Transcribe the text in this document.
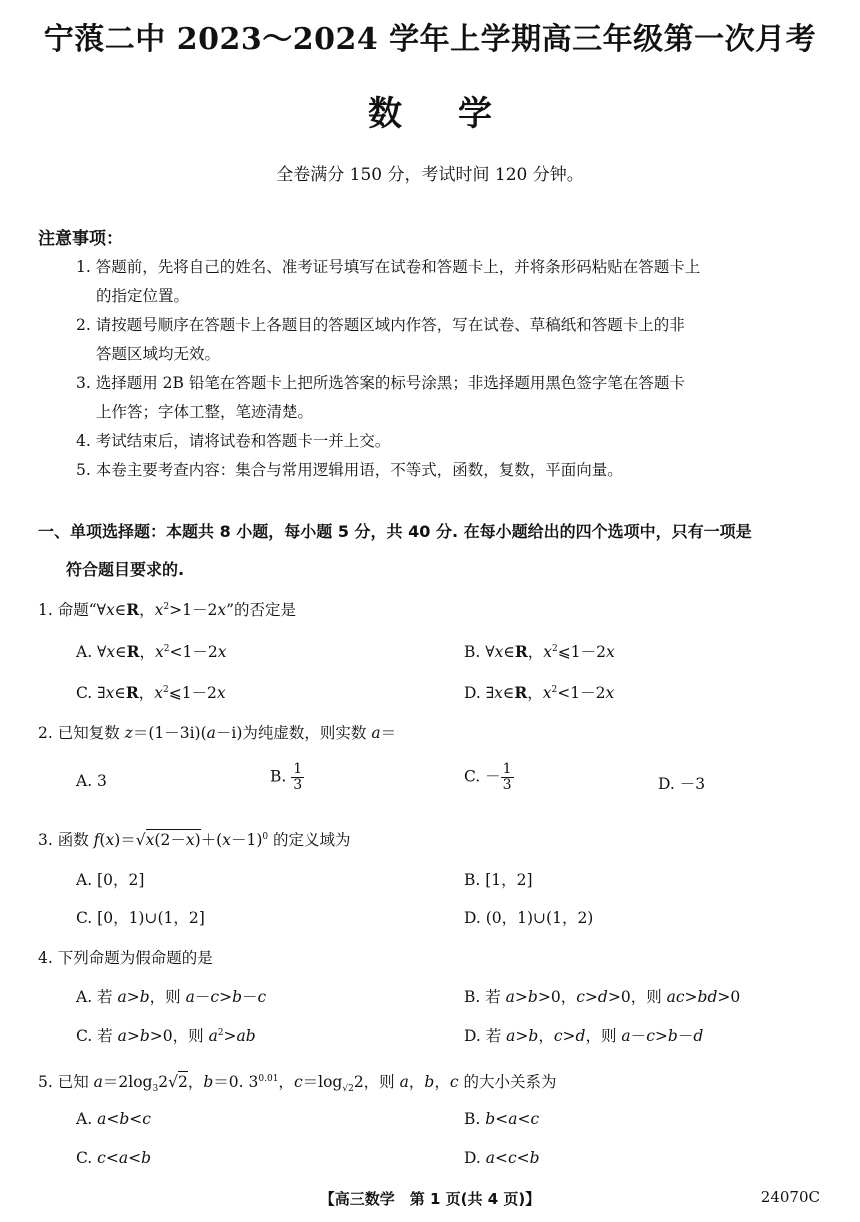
宁蒗二中 2023～2024 学年上学期高三年级第一次月考
数学
全卷满分 150 分，考试时间 120 分钟。
注意事项：
1. 答题前，先将自己的姓名、准考证号填写在试卷和答题卡上，并将条形码粘贴在答题卡上
的指定位置。
2. 请按题号顺序在答题卡上各题目的答题区域内作答，写在试卷、草稿纸和答题卡上的非
答题区域均无效。
3. 选择题用 2B 铅笔在答题卡上把所选答案的标号涂黑；非选择题用黑色签字笔在答题卡
上作答；字体工整，笔迹清楚。
4. 考试结束后，请将试卷和答题卡一并上交。
5. 本卷主要考查内容：集合与常用逻辑用语，不等式，函数，复数，平面向量。
一、单项选择题：本题共 8 小题，每小题 5 分，共 40 分. 在每小题给出的四个选项中，只有一项是
符合题目要求的.
1. 命题“∀x∈R，$x^2>1-2x$”的否定是
A. ∀x∈R，$x^2<1-2x$	B. ∀x∈R，$x^2⩽1-2x$
C. ∃x∈R，$x^2⩽1-2x$	D. ∃x∈R，$x^2<1-2x$
2. 已知复数 z＝(1－3i)(a－i)为纯虚数，则实数 a＝
A. 3	B. $\frac{1}{3}$	C. － $\frac{1}{3}$	D. －3
3. 函数 $f(x)=√x(2-x)+(x-1)^0$ 的定义域为
A. [0，2]	B. [1，2]
C. [0，1)∪(1，2]	D. (0，1)∪(1，2)
4. 下列命题为假命题的是
A. 若 a>b，则 a－c>b－c	B. 若 a>b>0，c>d>0，则 ac>bd>0
C. 若 a>b>0，则 $a^2>ab$	D. 若 a>b，c>d，则 a－c>b－d
5. 已知 $a=2\log_32√2$，b＝0. $3^{0.01}$，$c=\log_{√2}2$，则 a，b，c 的大小关系为
A. a<b<c	B. b<a<c
C. c<a<b	D. a<c<b
【高三数学　第 1 页(共 4 页)】	24070C
